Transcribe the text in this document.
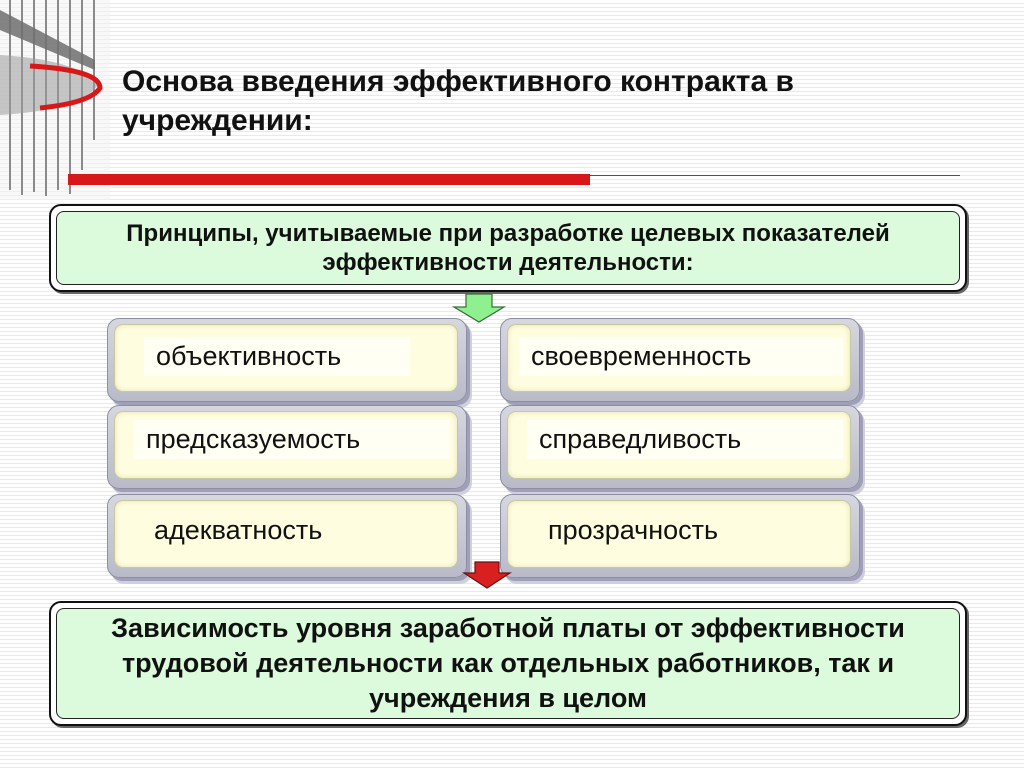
Основа введения эффективного контракта в учреждении:
Принципы, учитываемые при разработке целевых показателей эффективности деятельности:
объективность
предсказуемость
адекватность
своевременность
справедливость
прозрачность
Зависимость уровня заработной платы от эффективности трудовой деятельности как отдельных работников, так и учреждения в целом
